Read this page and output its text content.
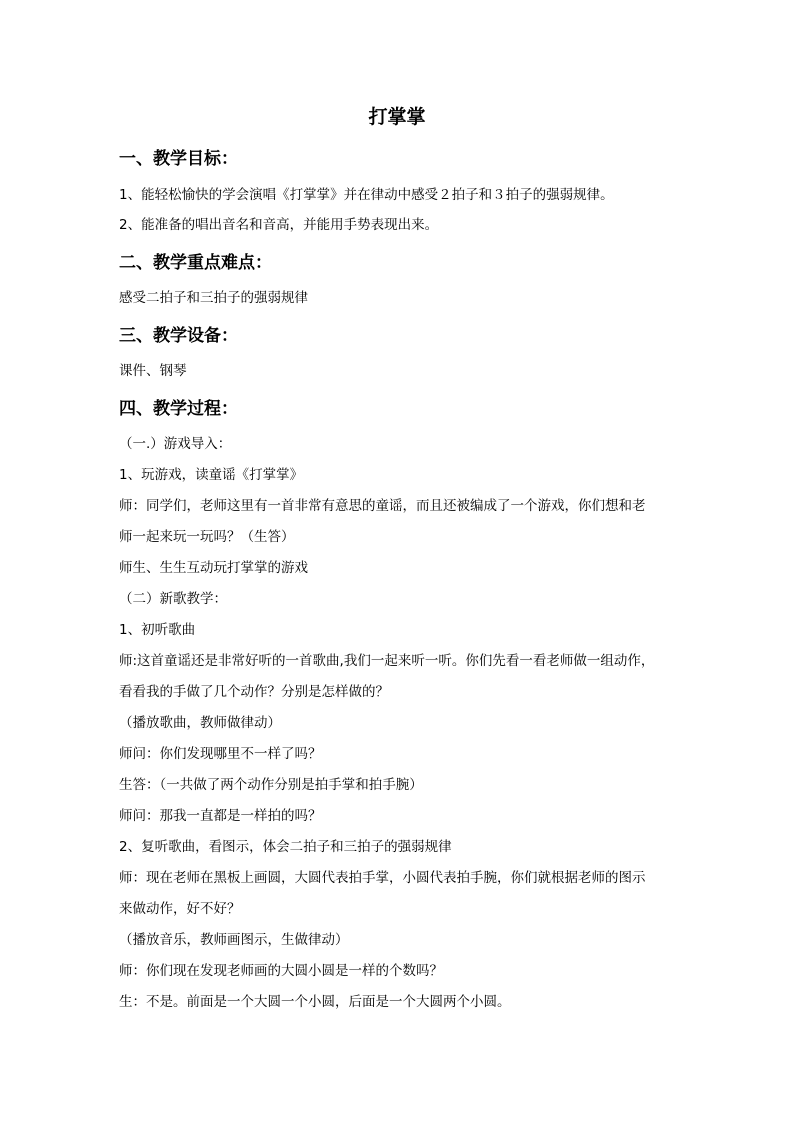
打掌掌
一、教学目标：
1、能轻松愉快的学会演唱《打掌掌》并在律动中感受２拍子和３拍子的强弱规律。
2、能准备的唱出音名和音高，并能用手势表现出来。
二、教学重点难点：
感受二拍子和三拍子的强弱规律
三、教学设备：
课件、钢琴
四、教学过程：
（一.）游戏导入：
1、玩游戏，读童谣《打掌掌》
师：同学们，老师这里有一首非常有意思的童谣，而且还被编成了一个游戏，你们想和老
师一起来玩一玩吗？（生答）
师生、生生互动玩打掌掌的游戏
（二）新歌教学：
1、初听歌曲
师:这首童谣还是非常好听的一首歌曲,我们一起来听一听。你们先看一看老师做一组动作，
看看我的手做了几个动作？分别是怎样做的？
（播放歌曲，教师做律动）
师问：你们发现哪里不一样了吗？
生答：（一共做了两个动作分别是拍手掌和拍手腕）
师问：那我一直都是一样拍的吗？
2、复听歌曲，看图示，体会二拍子和三拍子的强弱规律
师：现在老师在黑板上画圆，大圆代表拍手掌，小圆代表拍手腕，你们就根据老师的图示
来做动作，好不好？
（播放音乐，教师画图示，生做律动）
师：你们现在发现老师画的大圆小圆是一样的个数吗？
生：不是。前面是一个大圆一个小圆，后面是一个大圆两个小圆。
